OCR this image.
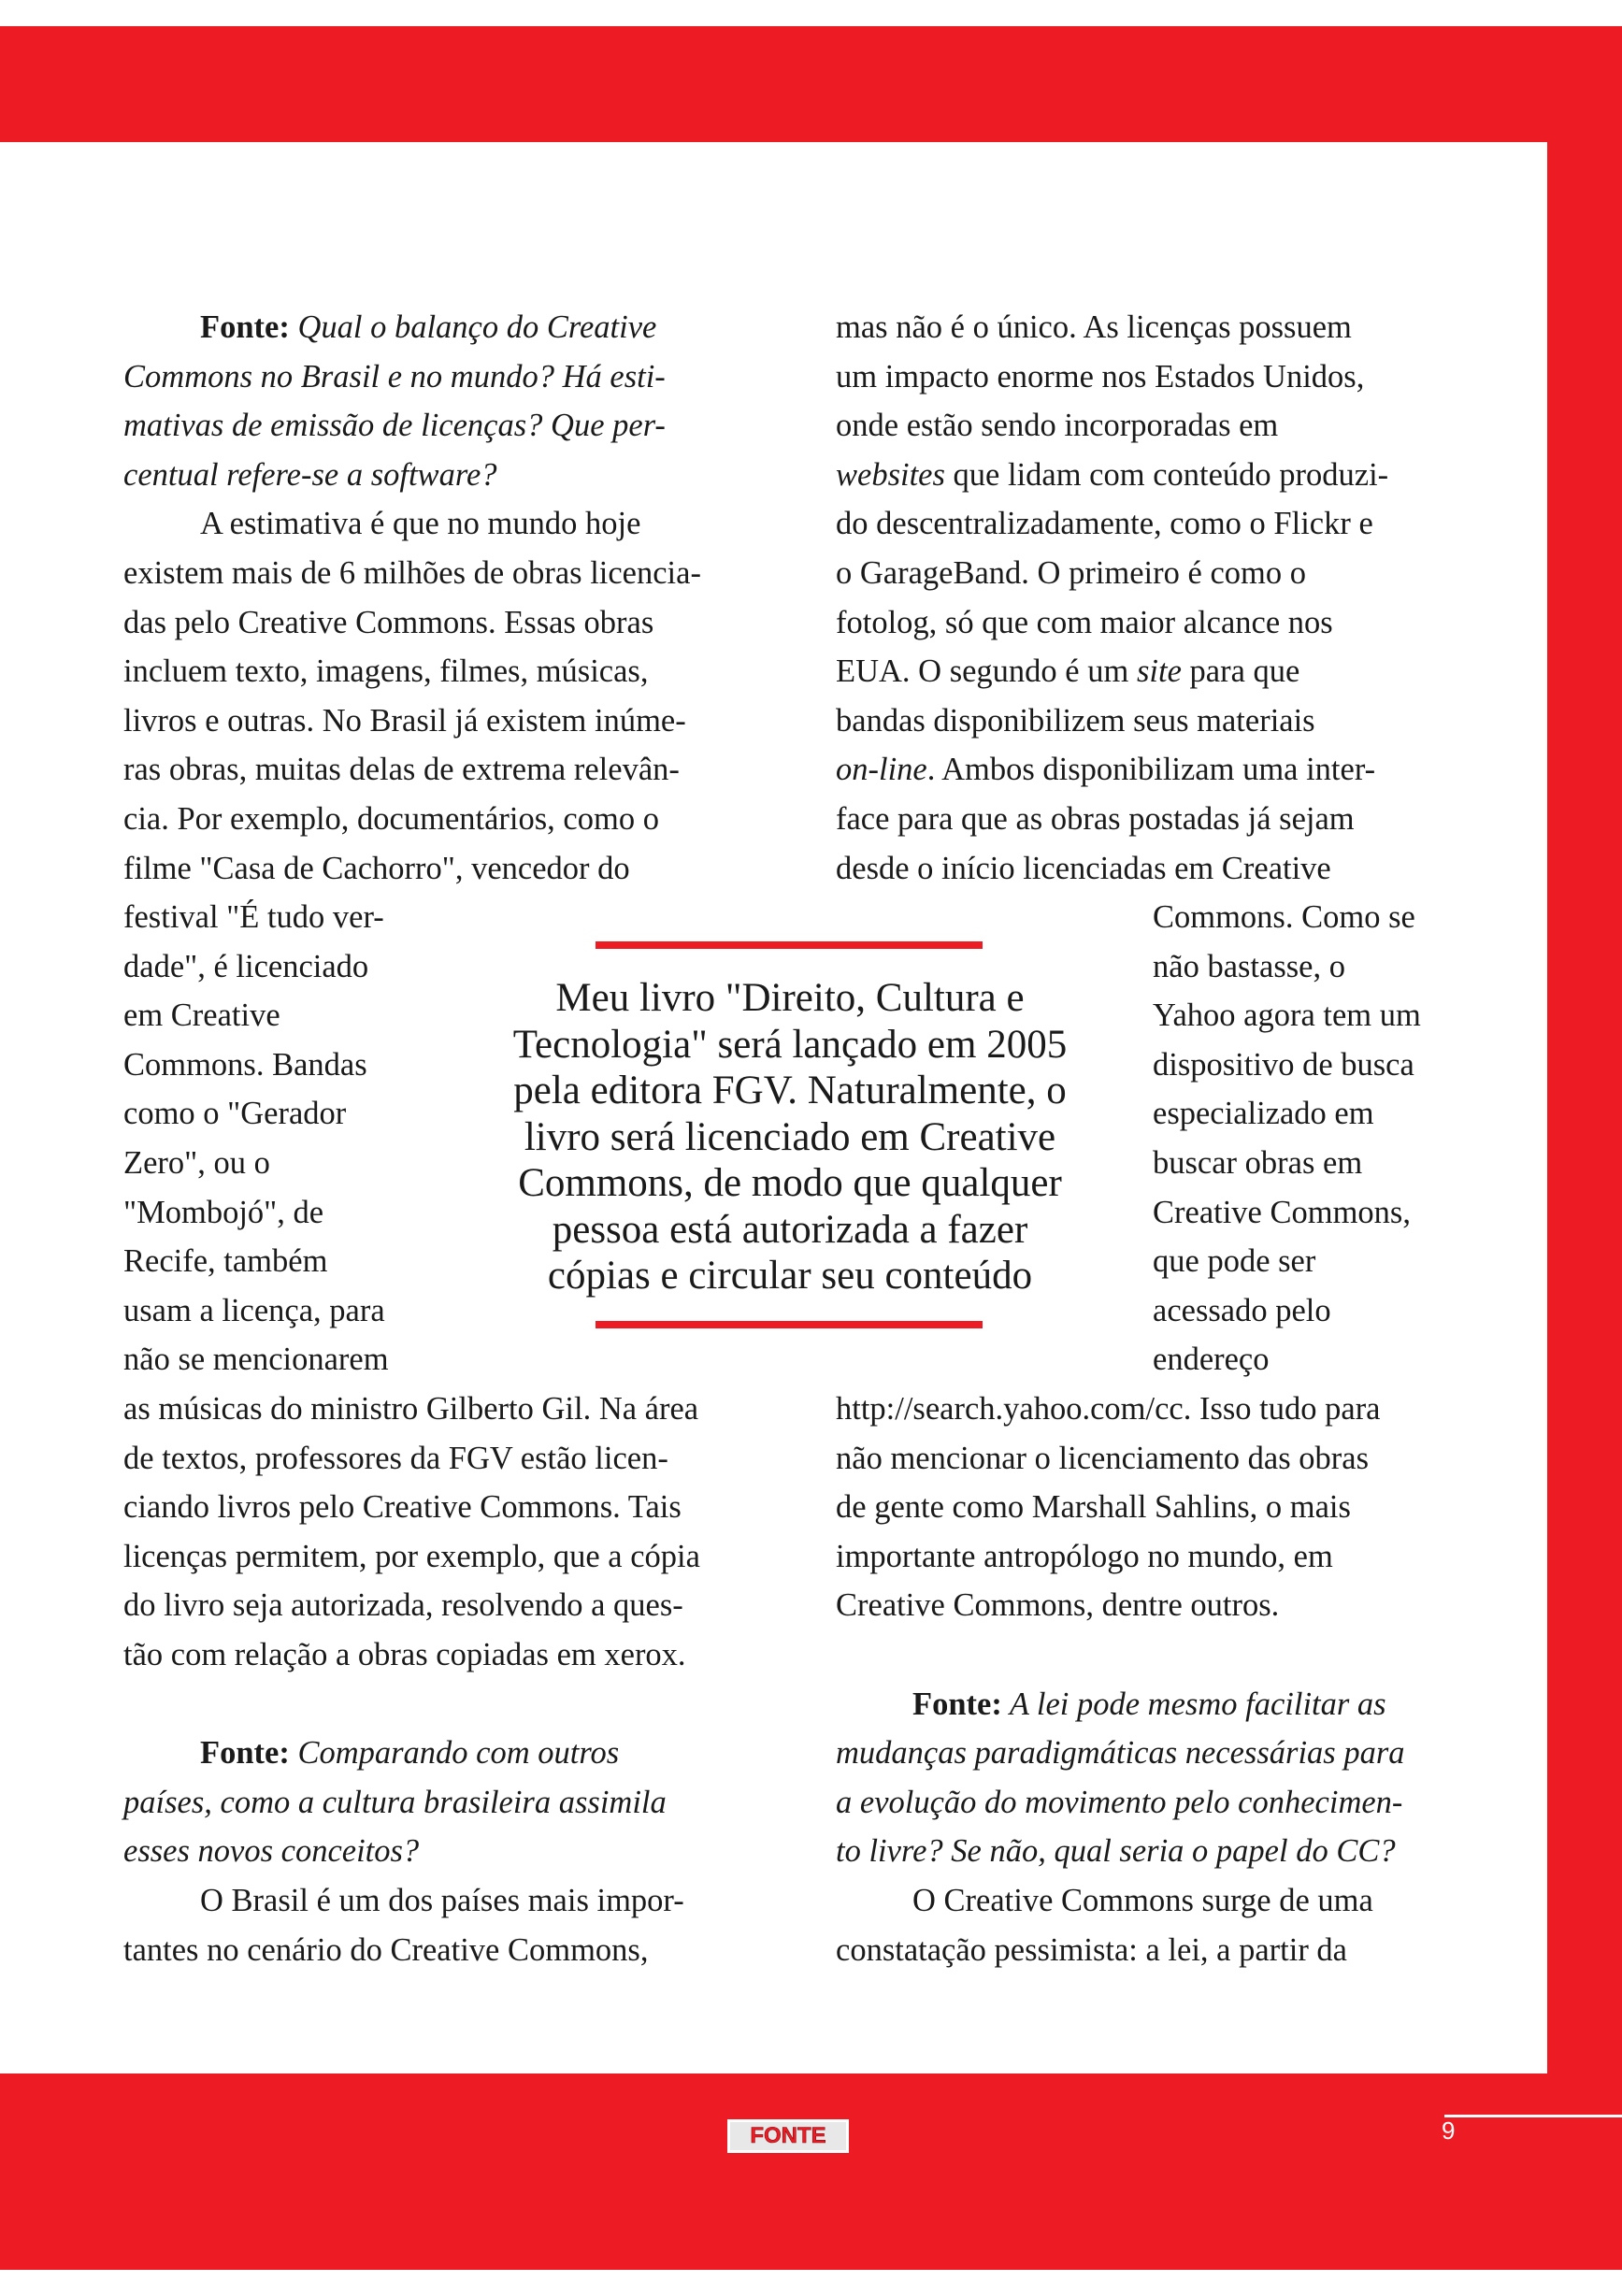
Fonte: Qual o balanço do Creative
Commons no Brasil e no mundo? Há esti-
mativas de emissão de licenças? Que per-
centual refere-se a software?

A estimativa é que no mundo hoje
existem mais de 6 milhões de obras licencia-
das pelo Creative Commons. Essas obras
incluem texto, imagens, filmes, músicas,
livros e outras. No Brasil já existem inúme-
ras obras, muitas delas de extrema relevân-
cia. Por exemplo, documentários, como o
filme "Casa de Cachorro", vencedor do

festival "É tudo ver-
dade", é licenciado
em Creative
Commons. Bandas
como o "Gerador
Zero", ou o
"Mombojó", de
Recife, também
usam a licença, para
não se mencionarem

as músicas do ministro Gilberto Gil. Na área
de textos, professores da FGV estão licen-
ciando livros pelo Creative Commons. Tais
licenças permitem, por exemplo, que a cópia
do livro seja autorizada, resolvendo a ques-
tão com relação a obras copiadas em xerox.

Fonte: Comparando com outros
países, como a cultura brasileira assimila
esses novos conceitos?

O Brasil é um dos países mais impor-
tantes no cenário do Creative Commons,

mas não é o único. As licenças possuem
um impacto enorme nos Estados Unidos,
onde estão sendo incorporadas em
websites que lidam com conteúdo produzi-
do descentralizadamente, como o Flickr e
o GarageBand. O primeiro é como o
fotolog, só que com maior alcance nos
EUA. O segundo é um site para que
bandas disponibilizem seus materiais
on-line. Ambos disponibilizam uma inter-
face para que as obras postadas já sejam
desde o início licenciadas em Creative
Commons. Como se
não bastasse, o
Yahoo agora tem um
dispositivo de busca
especializado em
buscar obras em
Creative Commons,
que pode ser
acessado pelo
endereço

http://search.yahoo.com/cc. Isso tudo para
não mencionar o licenciamento das obras
de gente como Marshall Sahlins, o mais
importante antropólogo no mundo, em
Creative Commons, dentre outros.

Fonte: A lei pode mesmo facilitar as
mudanças paradigmáticas necessárias para
a evolução do movimento pelo conhecimen-
to livre? Se não, qual seria o papel do CC?

O Creative Commons surge de uma
constatação pessimista: a lei, a partir da

Meu livro "Direito, Cultura e
Tecnologia" será lançado em 2005
pela editora FGV. Naturalmente, o
livro será licenciado em Creative
Commons, de modo que qualquer
pessoa está autorizada a fazer
cópias e circular seu conteúdo
FONTE	9
